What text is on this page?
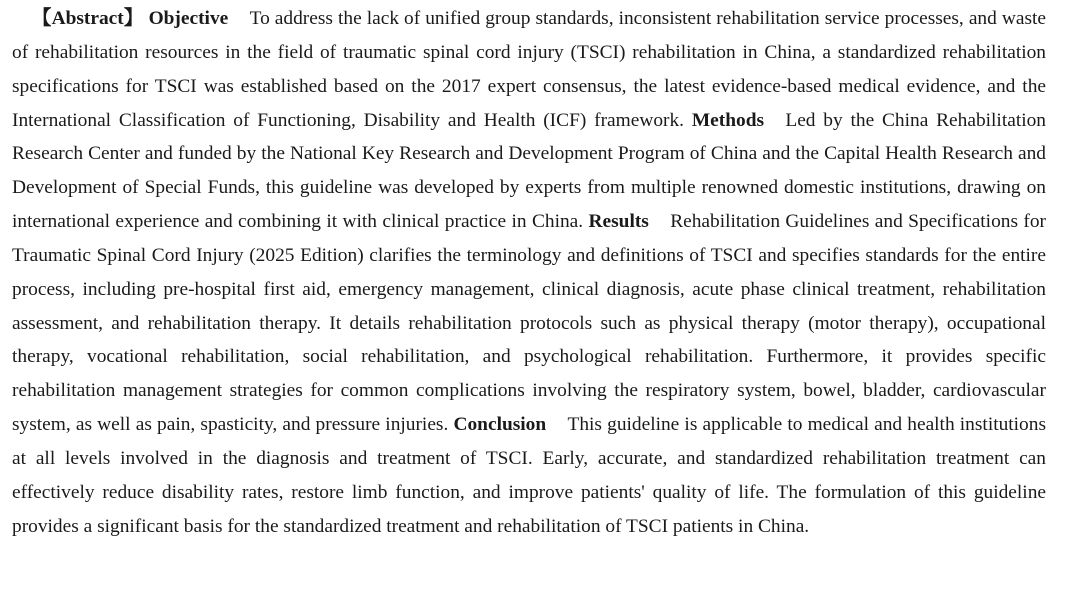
【Abstract】 Objective To address the lack of unified group standards, inconsistent rehabilitation service processes, and waste of rehabilitation resources in the field of traumatic spinal cord injury (TSCI) rehabilitation in China, a standardized rehabilitation specifications for TSCI was established based on the 2017 expert consensus, the latest evidence-based medical evidence, and the International Classification of Functioning, Disability and Health (ICF) framework. Methods Led by the China Rehabilitation Research Center and funded by the National Key Research and Development Program of China and the Capital Health Research and Development of Special Funds, this guideline was developed by experts from multiple renowned domestic institutions, drawing on international experience and combining it with clinical practice in China. Results Rehabilitation Guidelines and Specifications for Traumatic Spinal Cord Injury (2025 Edition) clarifies the terminology and definitions of TSCI and specifies standards for the entire process, including pre-hospital first aid, emergency management, clinical diagnosis, acute phase clinical treatment, rehabilitation assessment, and rehabilitation therapy. It details rehabilitation protocols such as physical therapy (motor therapy), occupational therapy, vocational rehabilitation, social rehabilitation, and psychological rehabilitation. Furthermore, it provides specific rehabilitation management strategies for common complications involving the respiratory system, bowel, bladder, cardiovascular system, as well as pain, spasticity, and pressure injuries. Conclusion This guideline is applicable to medical and health institutions at all levels involved in the diagnosis and treatment of TSCI. Early, accurate, and standardized rehabilitation treatment can effectively reduce disability rates, restore limb function, and improve patients' quality of life. The formulation of this guideline provides a significant basis for the standardized treatment and rehabilitation of TSCI patients in China.
